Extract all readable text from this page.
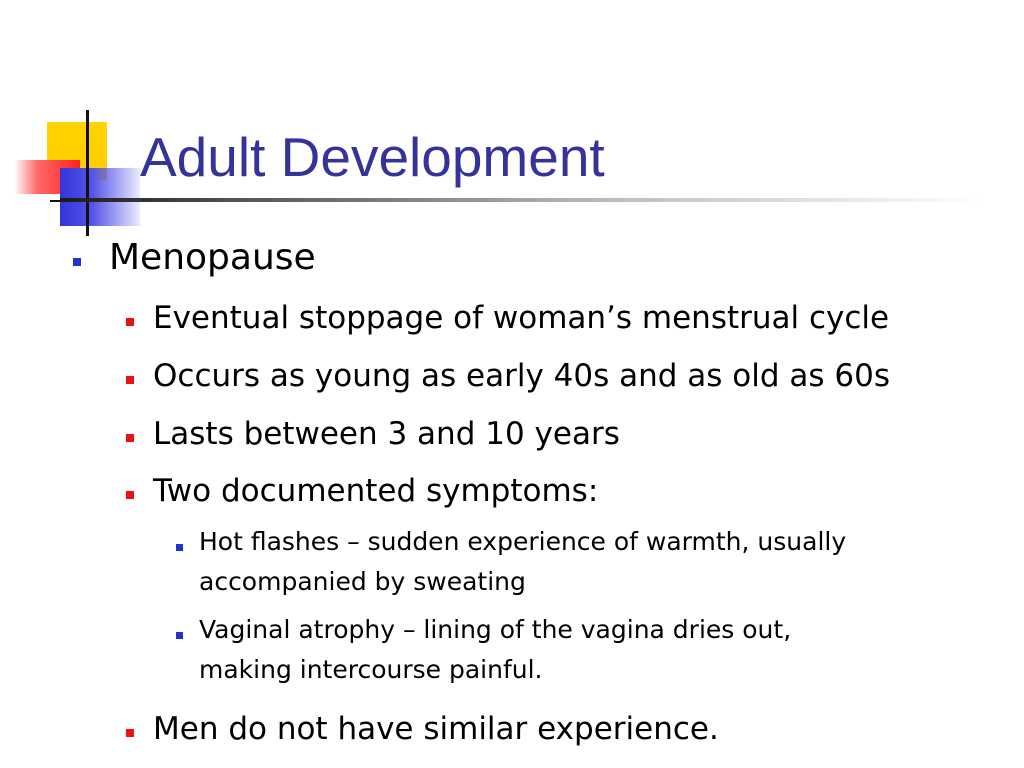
Adult Development
Menopause
Eventual stoppage of woman’s menstrual cycle
Occurs as young as early 40s and as old as 60s
Lasts between 3 and 10 years
Two documented symptoms:
Hot flashes – sudden experience of warmth, usually
accompanied by sweating
Vaginal atrophy – lining of the vagina dries out,
making intercourse painful.
Men do not have similar experience.
